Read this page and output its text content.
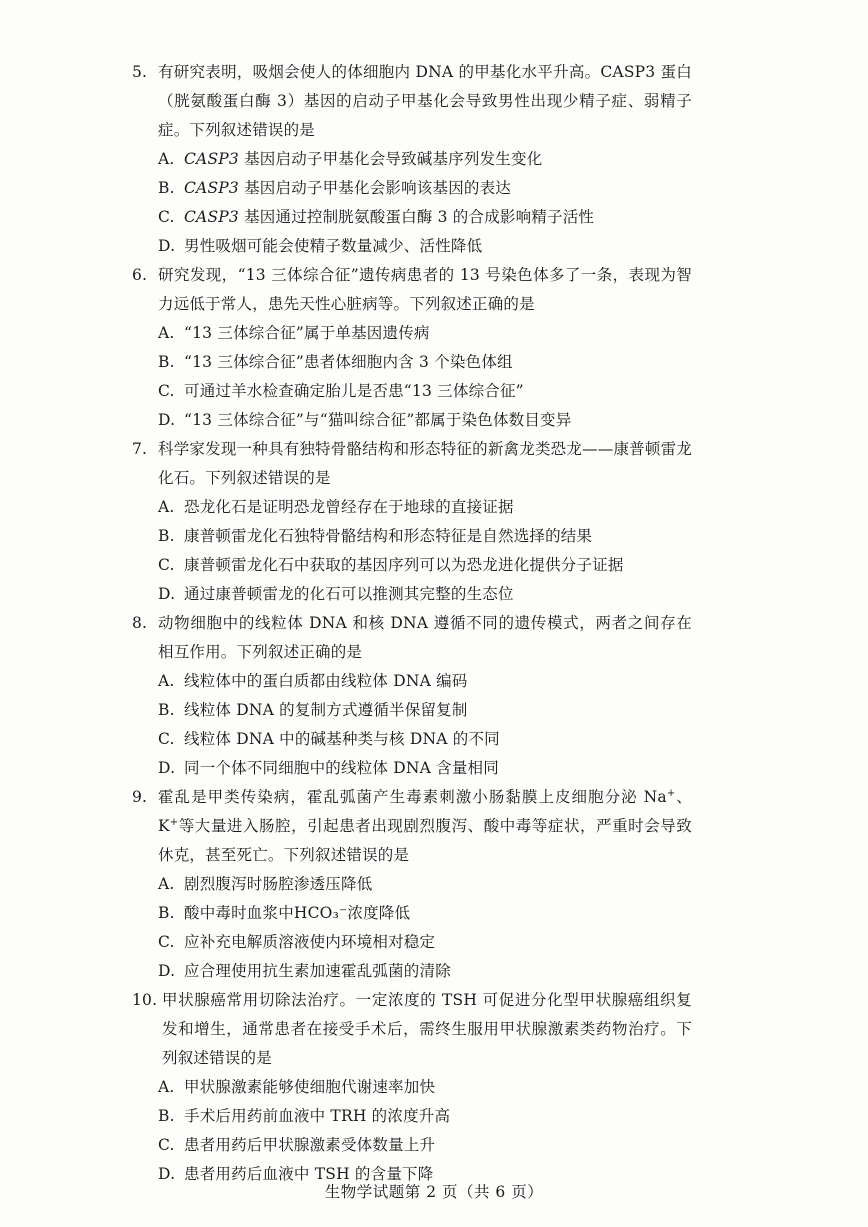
5. 有研究表明，吸烟会使人的体细胞内 DNA 的甲基化水平升高。CASP3 蛋白（胱氨酸蛋白酶 3）基因的启动子甲基化会导致男性出现少精子症、弱精子症。下列叙述错误的是
A. CASP3 基因启动子甲基化会导致碱基序列发生变化
B. CASP3 基因启动子甲基化会影响该基因的表达
C. CASP3 基因通过控制胱氨酸蛋白酶 3 的合成影响精子活性
D. 男性吸烟可能会使精子数量减少、活性降低
6. 研究发现，“13 三体综合征”遗传病患者的 13 号染色体多了一条，表现为智力远低于常人，患先天性心脏病等。下列叙述正确的是
A. “13 三体综合征”属于单基因遗传病
B. “13 三体综合征”患者体细胞内含 3 个染色体组
C. 可通过羊水检查确定胎儿是否患“13 三体综合征”
D. “13 三体综合征”与“猫叫综合征”都属于染色体数目变异
7. 科学家发现一种具有独特骨骼结构和形态特征的新禽龙类恐龙——康普顿雷龙化石。下列叙述错误的是
A. 恐龙化石是证明恐龙曾经存在于地球的直接证据
B. 康普顿雷龙化石独特骨骼结构和形态特征是自然选择的结果
C. 康普顿雷龙化石中获取的基因序列可以为恐龙进化提供分子证据
D. 通过康普顿雷龙的化石可以推测其完整的生态位
8. 动物细胞中的线粒体 DNA 和核 DNA 遵循不同的遗传模式，两者之间存在相互作用。下列叙述正确的是
A. 线粒体中的蛋白质都由线粒体 DNA 编码
B. 线粒体 DNA 的复制方式遵循半保留复制
C. 线粒体 DNA 中的碱基种类与核 DNA 的不同
D. 同一个体不同细胞中的线粒体 DNA 含量相同
9. 霍乱是甲类传染病，霍乱弧菌产生毒素刺激小肠黏膜上皮细胞分泌 Na+、K+等大量进入肠腔，引起患者出现剧烈腹泻、酸中毒等症状，严重时会导致休克，甚至死亡。下列叙述错误的是
A. 剧烈腹泻时肠腔渗透压降低
B. 酸中毒时血浆中HCO₃⁻浓度降低
C. 应补充电解质溶液使内环境相对稳定
D. 应合理使用抗生素加速霍乱弧菌的清除
10. 甲状腺癌常用切除法治疗。一定浓度的 TSH 可促进分化型甲状腺癌组织复发和增生，通常患者在接受手术后，需终生服用甲状腺激素类药物治疗。下列叙述错误的是
A. 甲状腺激素能够使细胞代谢速率加快
B. 手术后用药前血液中 TRH 的浓度升高
C. 患者用药后甲状腺激素受体数量上升
D. 患者用药后血液中 TSH 的含量下降
生物学试题第 2 页（共 6 页）
